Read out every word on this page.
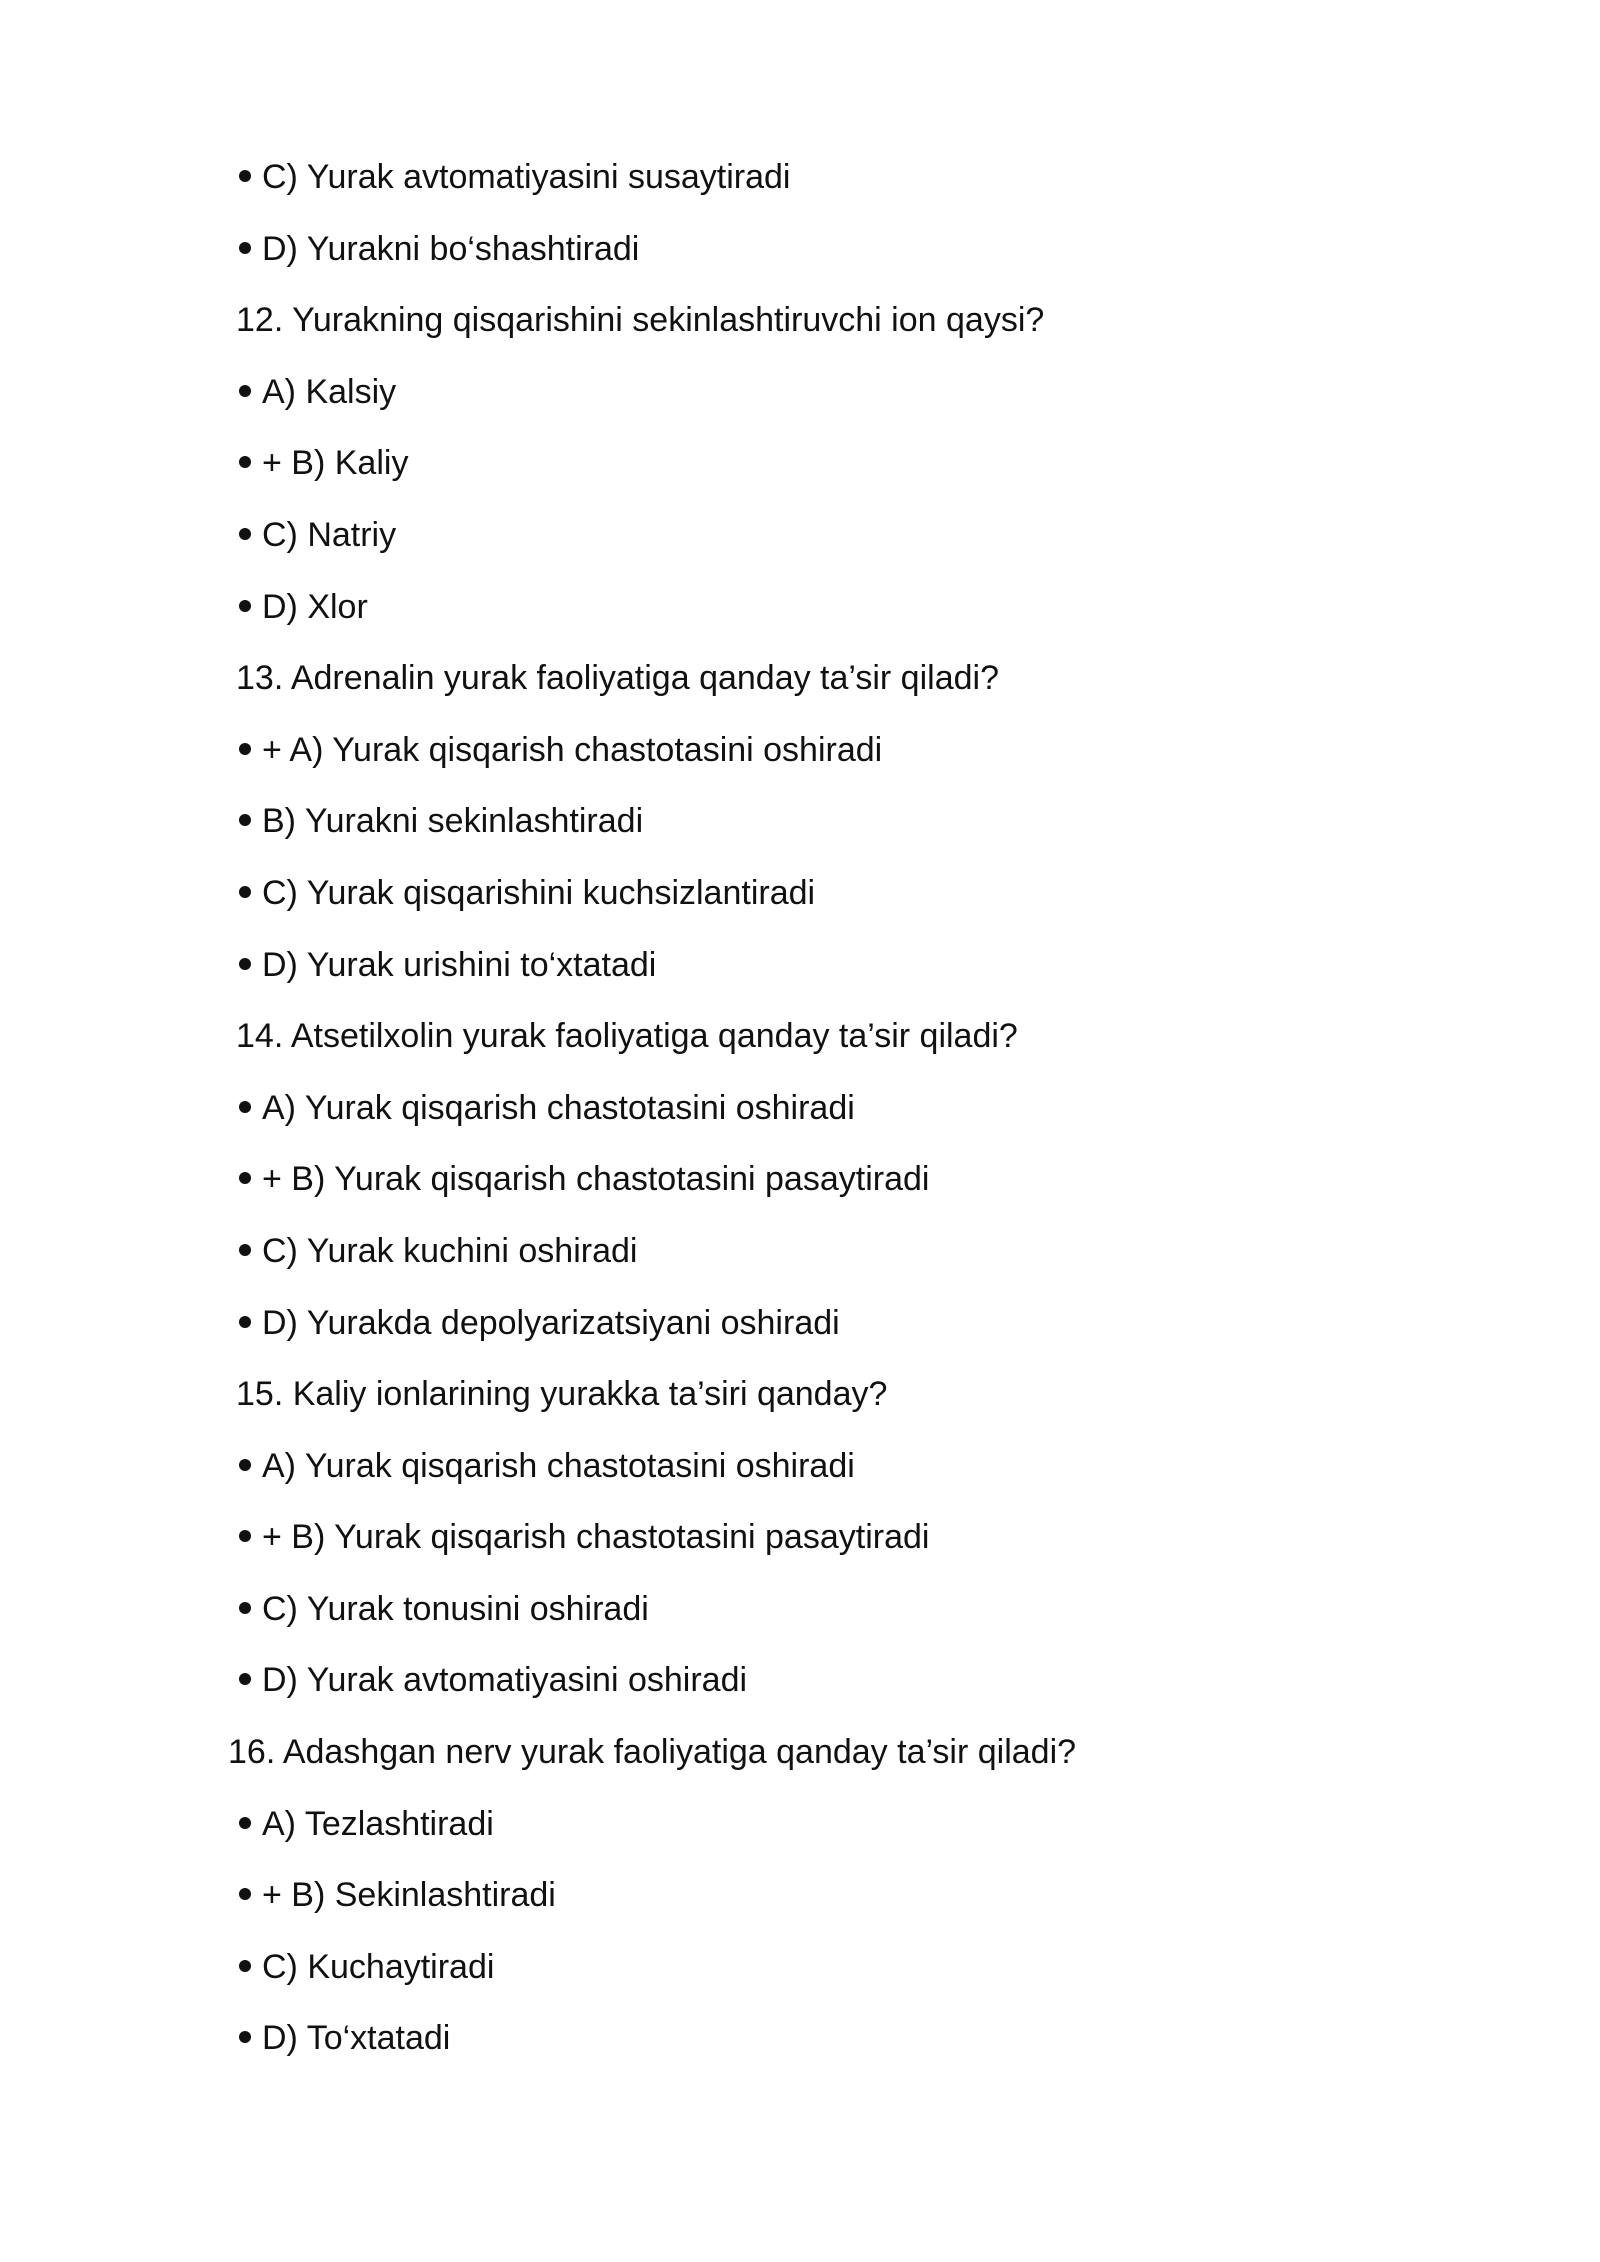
C) Yurak avtomatiyasini susaytiradi
D) Yurakni bo‘shashtiradi
12. Yurakning qisqarishini sekinlashtiruvchi ion qaysi?
A) Kalsiy
+ B) Kaliy
C) Natriy
D) Xlor
13. Adrenalin yurak faoliyatiga qanday ta’sir qiladi?
+ A) Yurak qisqarish chastotasini oshiradi
B) Yurakni sekinlashtiradi
C) Yurak qisqarishini kuchsizlantiradi
D) Yurak urishini to‘xtatadi
14. Atsetilxolin yurak faoliyatiga qanday ta’sir qiladi?
A) Yurak qisqarish chastotasini oshiradi
+ B) Yurak qisqarish chastotasini pasaytiradi
C) Yurak kuchini oshiradi
D) Yurakda depolyarizatsiyani oshiradi
15. Kaliy ionlarining yurakka ta’siri qanday?
A) Yurak qisqarish chastotasini oshiradi
+ B) Yurak qisqarish chastotasini pasaytiradi
C) Yurak tonusini oshiradi
D) Yurak avtomatiyasini oshiradi
16. Adashgan nerv yurak faoliyatiga qanday ta’sir qiladi?
A) Tezlashtiradi
+ B) Sekinlashtiradi
C) Kuchaytiradi
D) To‘xtatadi
